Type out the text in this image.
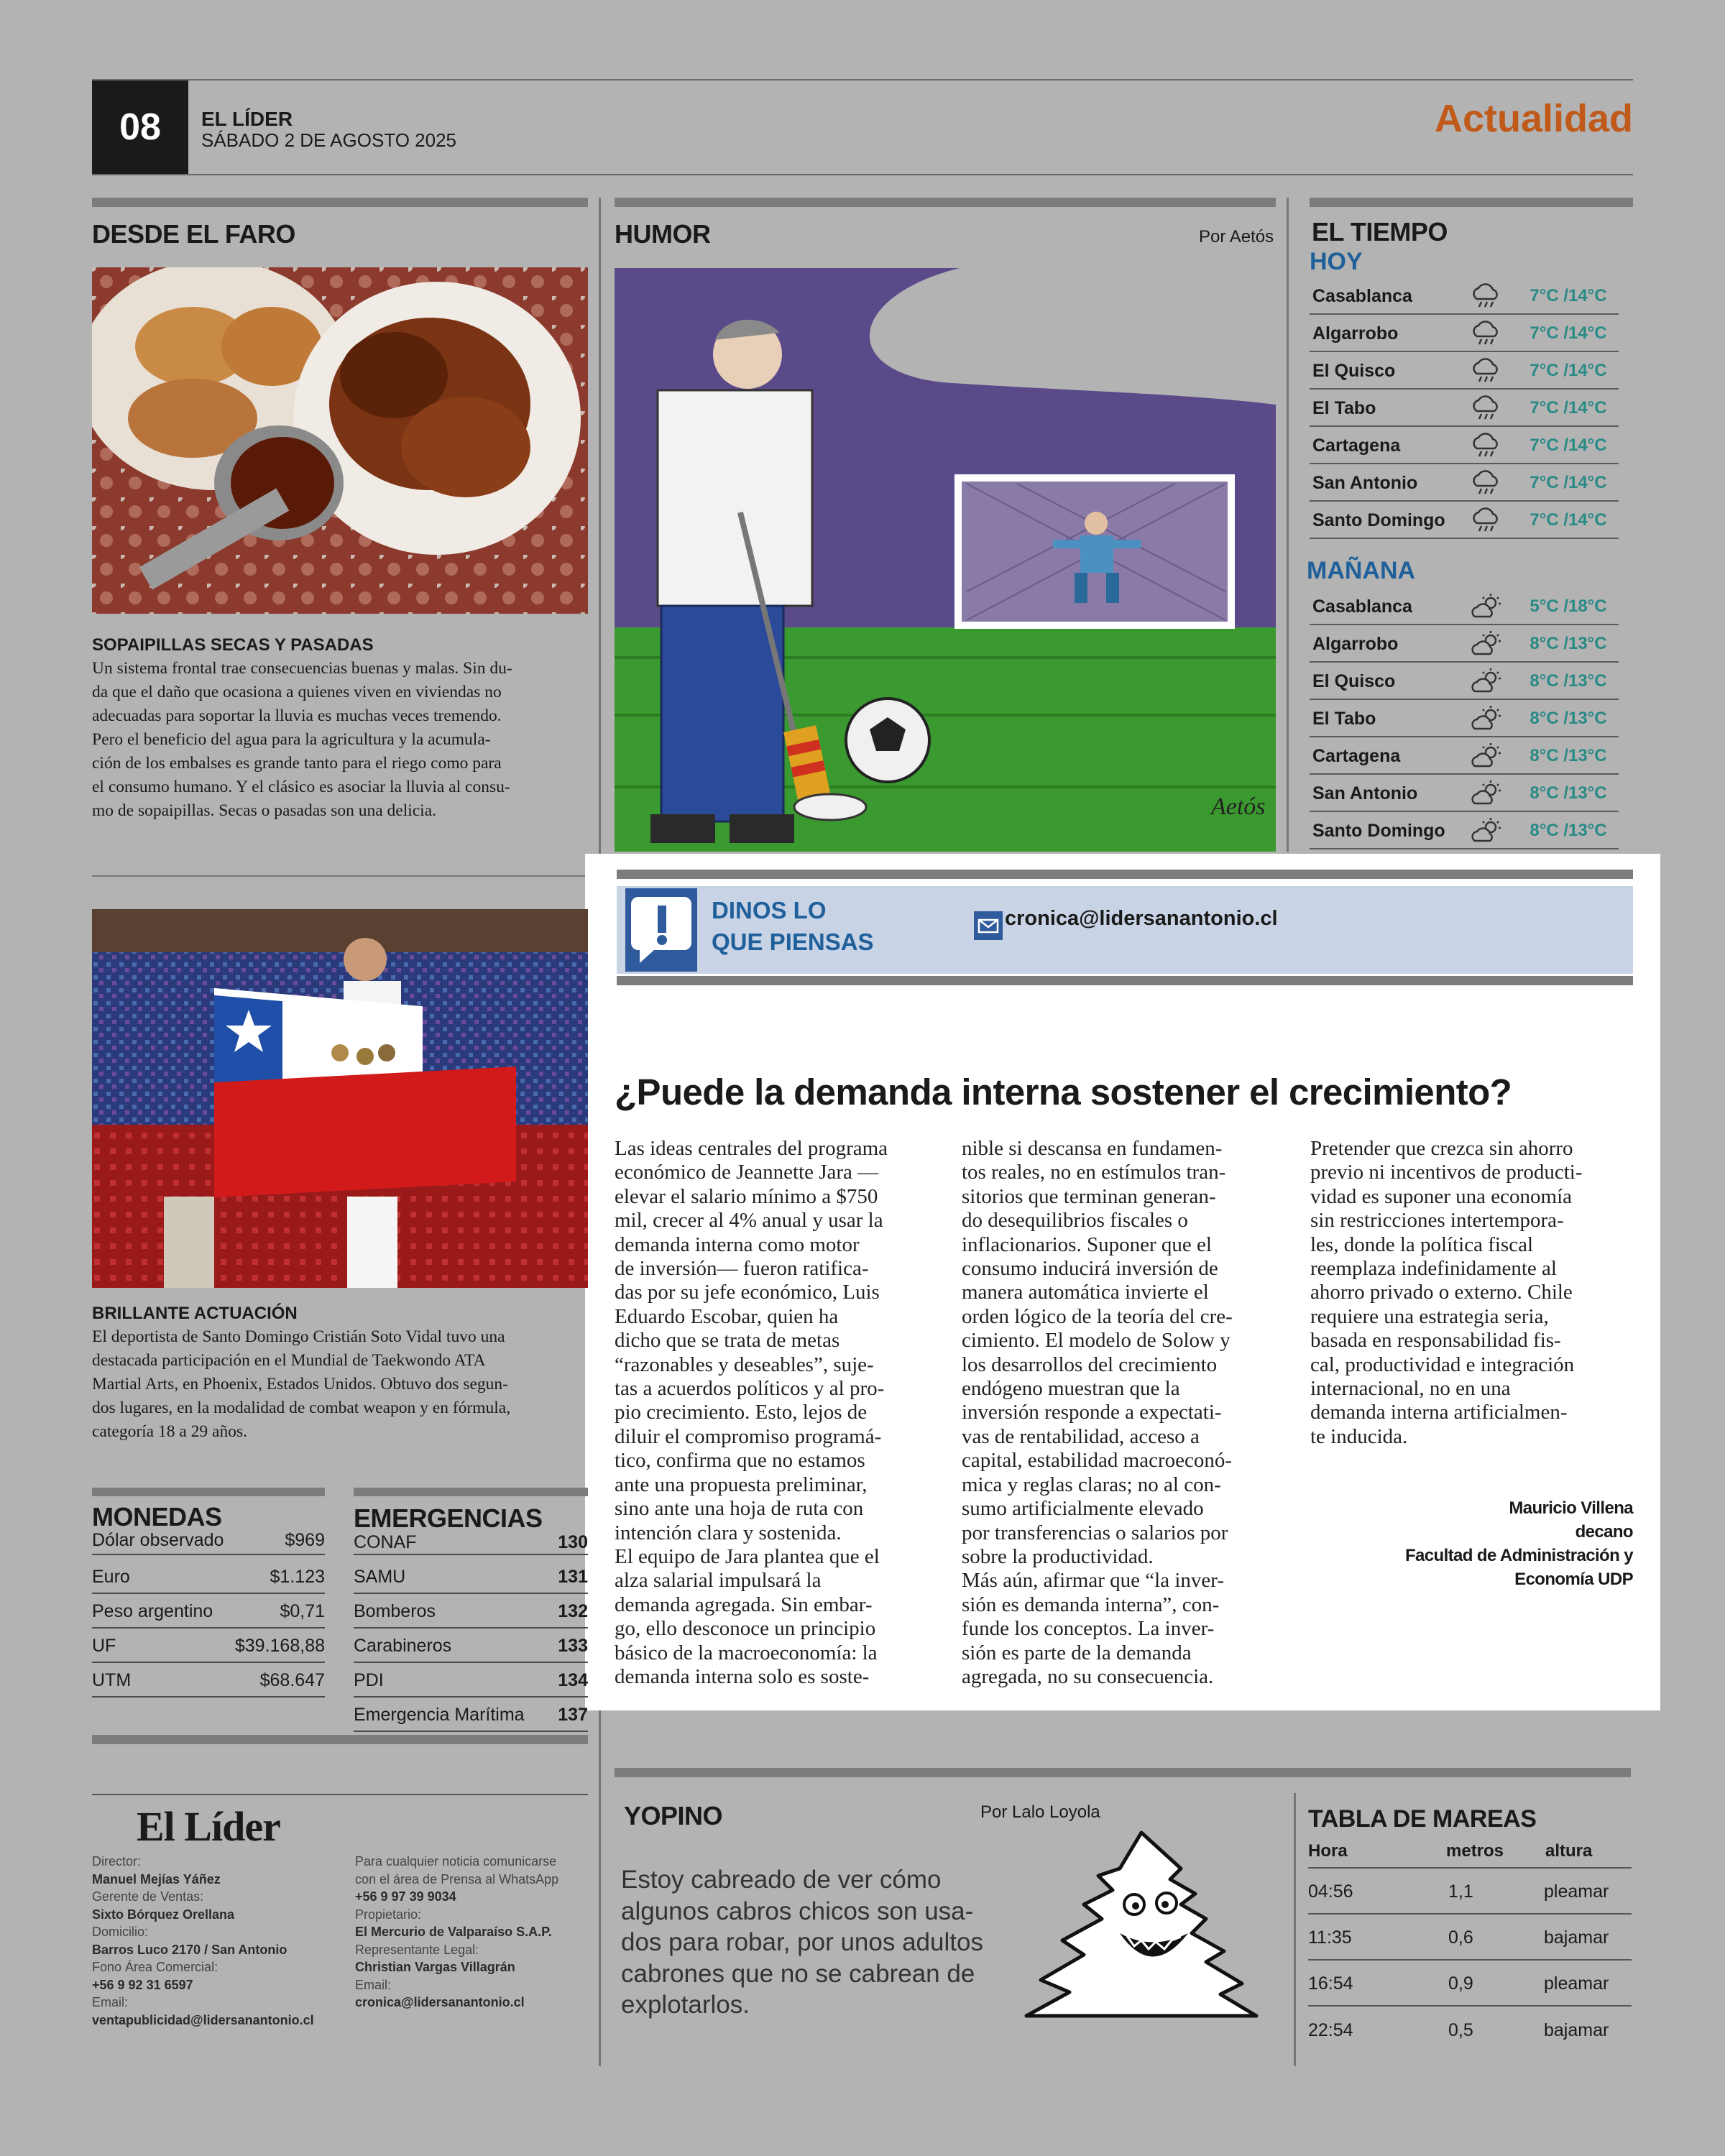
08	EL LÍDER
SÁBADO 2 DE AGOSTO 2025	Actualidad
DESDE EL FARO
SOPAIPILLAS SECAS Y PASADAS
Un sistema frontal trae consecuencias buenas y malas. Sin du-
da que el daño que ocasiona a quienes viven en viviendas no
adecuadas para soportar la lluvia es muchas veces tremendo.
Pero el beneficio del agua para la agricultura y la acumula-
ción de los embalses es grande tanto para el riego como para
el consumo humano. Y el clásico es asociar la lluvia al consu-
mo de sopaipillas. Secas o pasadas son una delicia.
HUMOR	Por Aetós
Aetós
EL TIEMPO
HOY
Casablanca	7°C /14°C
Algarrobo	7°C /14°C
El Quisco	7°C /14°C
El Tabo	7°C /14°C
Cartagena	7°C /14°C
San Antonio	7°C /14°C
Santo Domingo	7°C /14°C
MAÑANA
Casablanca	5°C /18°C
Algarrobo	8°C /13°C
El Quisco	8°C /13°C
El Tabo	8°C /13°C
Cartagena	8°C /13°C
San Antonio	8°C /13°C
Santo Domingo	8°C /13°C
DINOS LO
QUE PIENSAS
cronica@lidersanantonio.cl
¿Puede la demanda interna sostener el crecimiento?
Las ideas centrales del programa
económico de Jeannette Jara —
elevar el salario mínimo a $750
mil, crecer al 4% anual y usar la
demanda interna como motor
de inversión— fueron ratifica-
das por su jefe económico, Luis
Eduardo Escobar, quien ha
dicho que se trata de metas
“razonables y deseables”, suje-
tas a acuerdos políticos y al pro-
pio crecimiento. Esto, lejos de
diluir el compromiso programá-
tico, confirma que no estamos
ante una propuesta preliminar,
sino ante una hoja de ruta con
intención clara y sostenida.
El equipo de Jara plantea que el
alza salarial impulsará la
demanda agregada. Sin embar-
go, ello desconoce un principio
básico de la macroeconomía: la
demanda interna solo es soste-
nible si descansa en fundamen-
tos reales, no en estímulos tran-
sitorios que terminan generan-
do desequilibrios fiscales o
inflacionarios. Suponer que el
consumo inducirá inversión de
manera automática invierte el
orden lógico de la teoría del cre-
cimiento. El modelo de Solow y
los desarrollos del crecimiento
endógeno muestran que la
inversión responde a expectati-
vas de rentabilidad, acceso a
capital, estabilidad macroeconó-
mica y reglas claras; no al con-
sumo artificialmente elevado
por transferencias o salarios por
sobre la productividad.
Más aún, afirmar que “la inver-
sión es demanda interna”, con-
funde los conceptos. La inver-
sión es parte de la demanda
agregada, no su consecuencia.
Pretender que crezca sin ahorro
previo ni incentivos de producti-
vidad es suponer una economía
sin restricciones intertempora-
les, donde la política fiscal
reemplaza indefinidamente al
ahorro privado o externo. Chile
requiere una estrategia seria,
basada en responsabilidad fis-
cal, productividad e integración
internacional, no en una
demanda interna artificialmen-
te inducida.
Mauricio Villena
decano
Facultad de Administración y
Economía UDP
BRILLANTE ACTUACIÓN
El deportista de Santo Domingo Cristián Soto Vidal tuvo una
destacada participación en el Mundial de Taekwondo ATA
Martial Arts, en Phoenix, Estados Unidos. Obtuvo dos segun-
dos lugares, en la modalidad de combat weapon y en fórmula,
categoría 18 a 29 años.
MONEDAS
Dólar observado	$969
Euro	$1.123
Peso argentino	$0,71
UF	$39.168,88
UTM	$68.647
EMERGENCIAS
CONAF	130
SAMU	131
Bomberos	132
Carabineros	133
PDI	134
Emergencia Marítima 137
El Líder
Director:
Manuel Mejías Yáñez
Gerente de Ventas:
Sixto Bórquez Orellana
Domicilio:
Barros Luco 2170 / San Antonio
Fono Área Comercial:
+56 9 92 31 6597
Email:
ventapublicidad@lidersanantonio.cl
Para cualquier noticia comunicarse
con el área de Prensa al WhatsApp
+56 9 97 39 9034
Propietario:
El Mercurio de Valparaíso S.A.P.
Representante Legal:
Christian Vargas Villagrán
Email:
cronica@lidersanantonio.cl
YOPINO	Por Lalo Loyola
Estoy cabreado de ver cómo
algunos cabros chicos son usa-
dos para robar, por unos adultos
cabrones que no se cabrean de
explotarlos.
TABLA DE MAREAS
Hora	metros altura
04:56	1,1	pleamar
11:35	0,6	bajamar
16:54	0,9	pleamar
22:54	0,5	bajamar
